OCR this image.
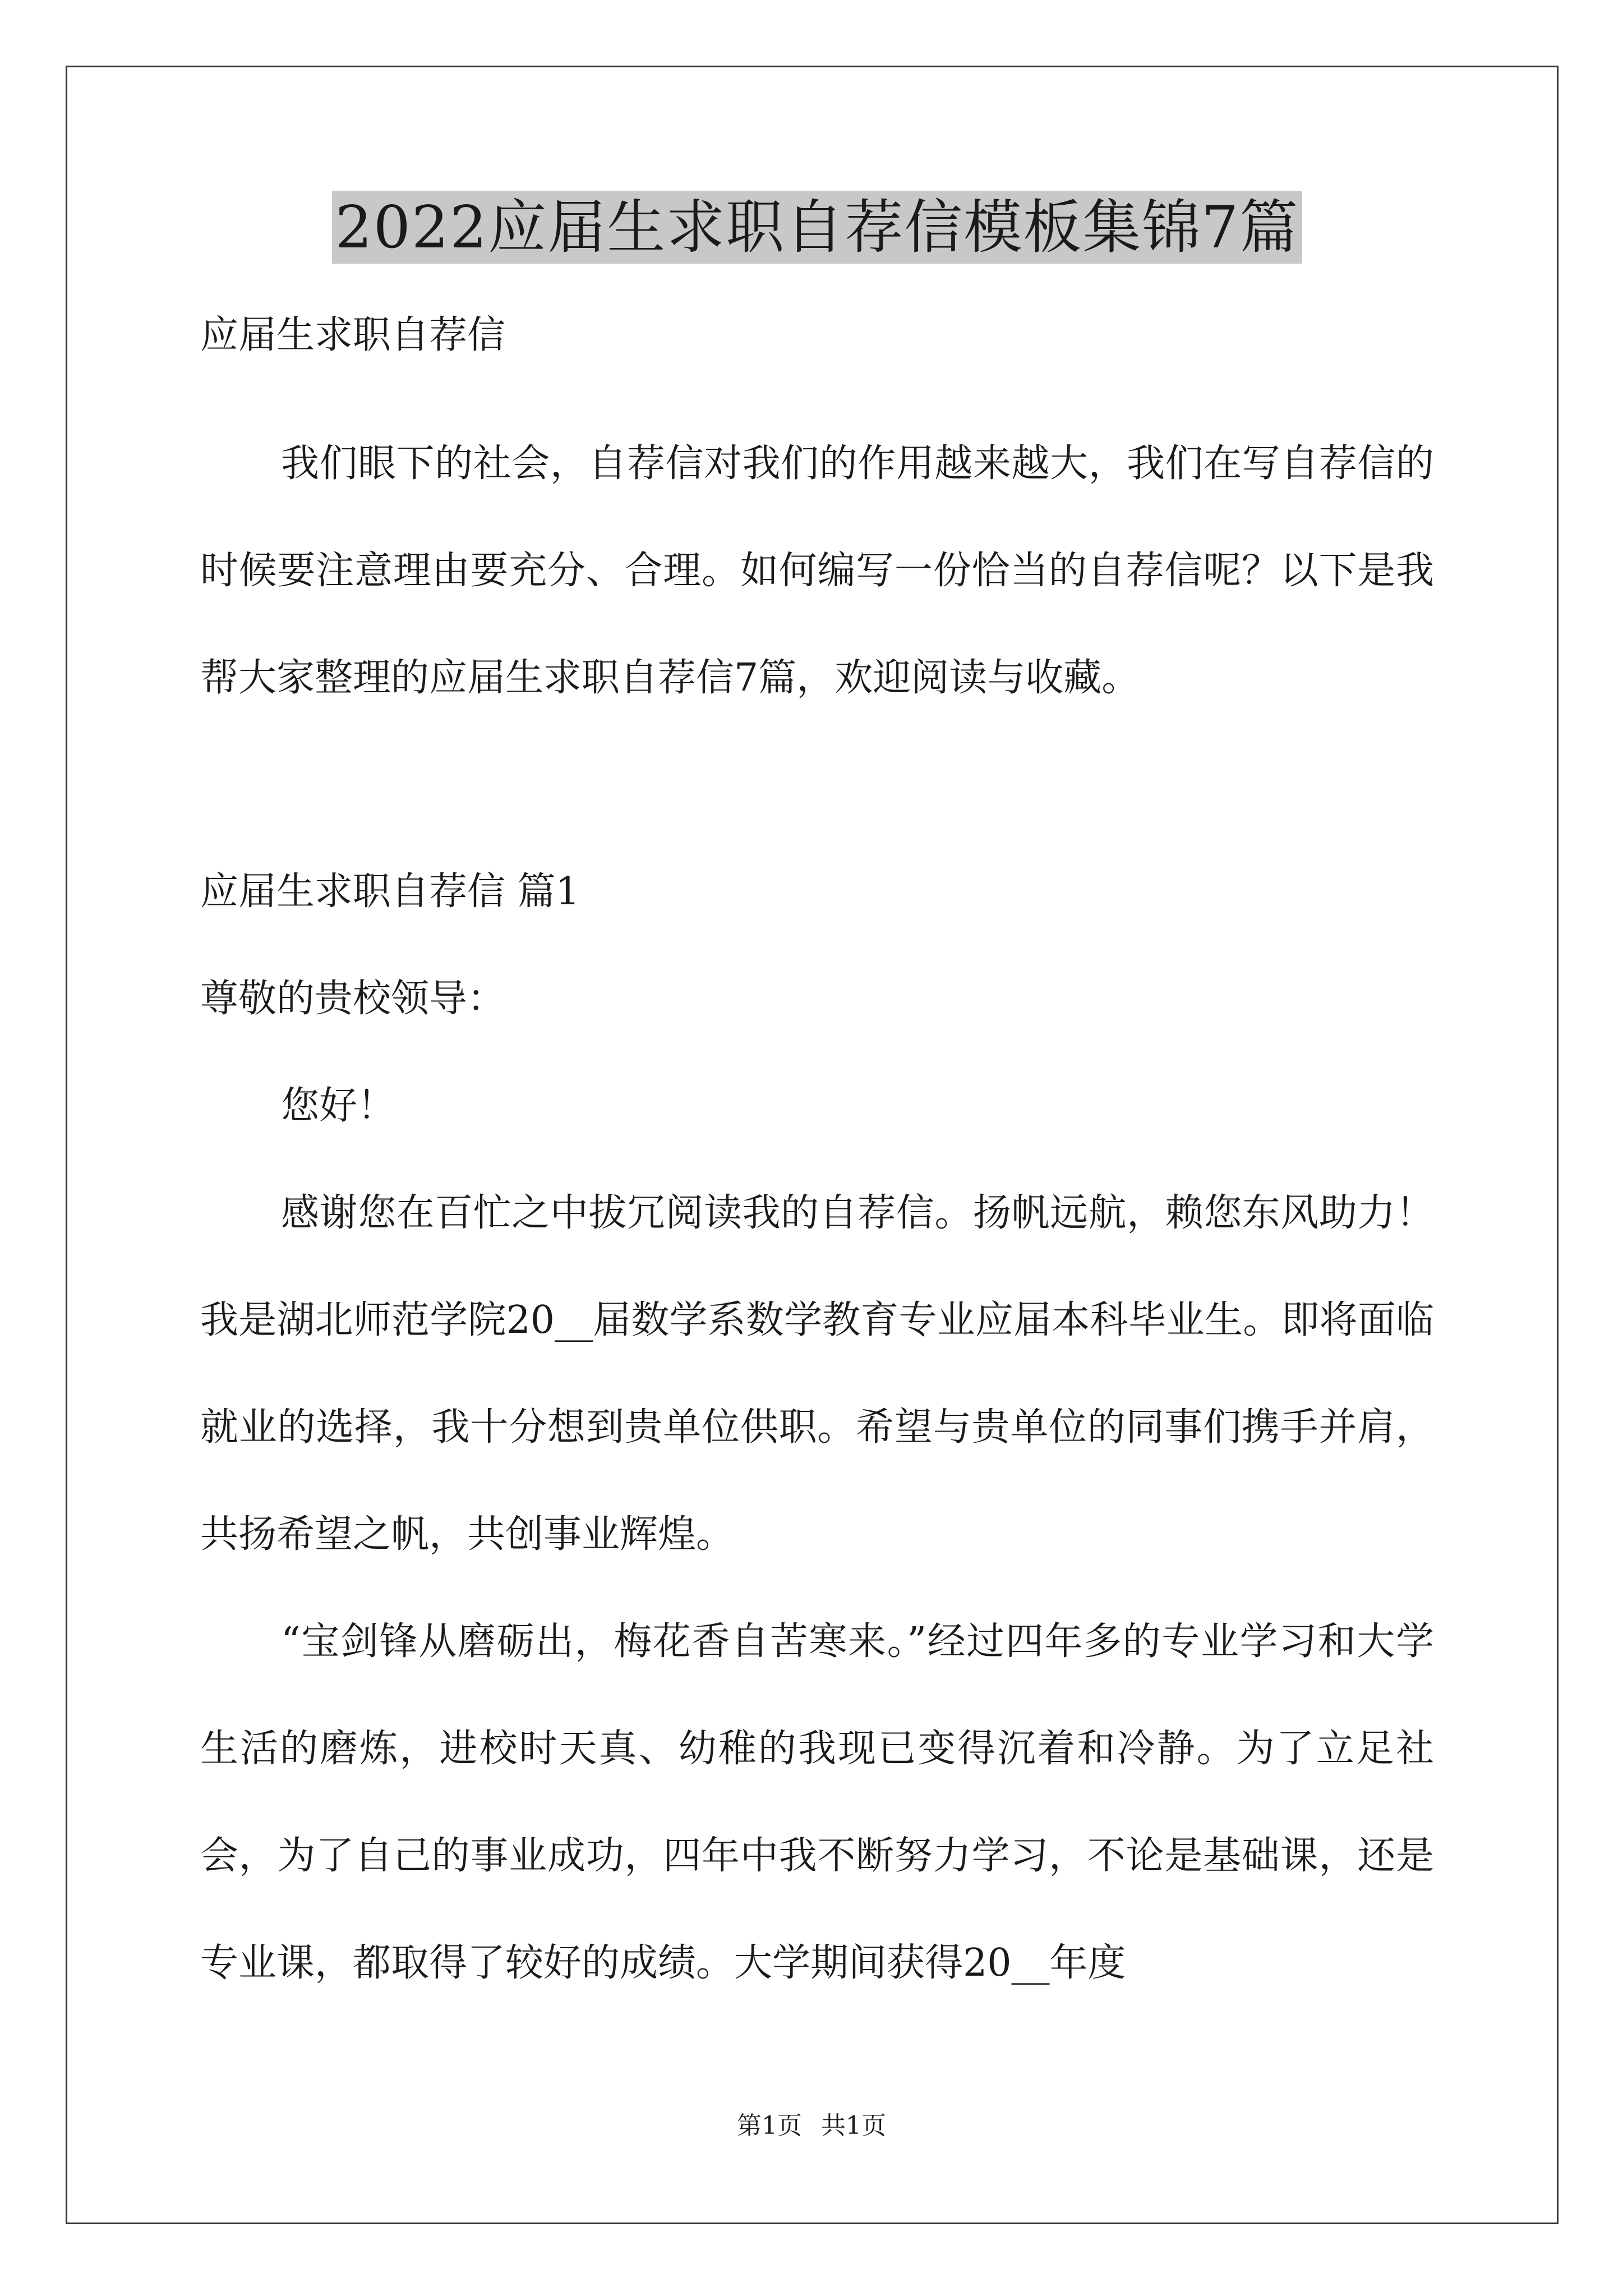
2022应届生求职自荐信模板集锦7篇

应届生求职自荐信

我们眼下的社会，自荐信对我们的作用越来越大，我们在写自荐信的时候要注意理由要充分、合理。如何编写一份恰当的自荐信呢？以下是我帮大家整理的应届生求职自荐信7篇，欢迎阅读与收藏。

应届生求职自荐信 篇1

尊敬的贵校领导：

您好！

感谢您在百忙之中拔冗阅读我的自荐信。扬帆远航，赖您东风助力！我是湖北师范学院20__届数学系数学教育专业应届本科毕业生。即将面临就业的选择，我十分想到贵单位供职。希望与贵单位的同事们携手并肩，共扬希望之帆，共创事业辉煌。

“宝剑锋从磨砺出，梅花香自苦寒来。”经过四年多的专业学习和大学生活的磨炼，进校时天真、幼稚的我现已变得沉着和冷静。为了立足社会，为了自己的事业成功，四年中我不断努力学习，不论是基础课，还是专业课，都取得了较好的成绩。大学期间获得20__年度

第1页 共1页
